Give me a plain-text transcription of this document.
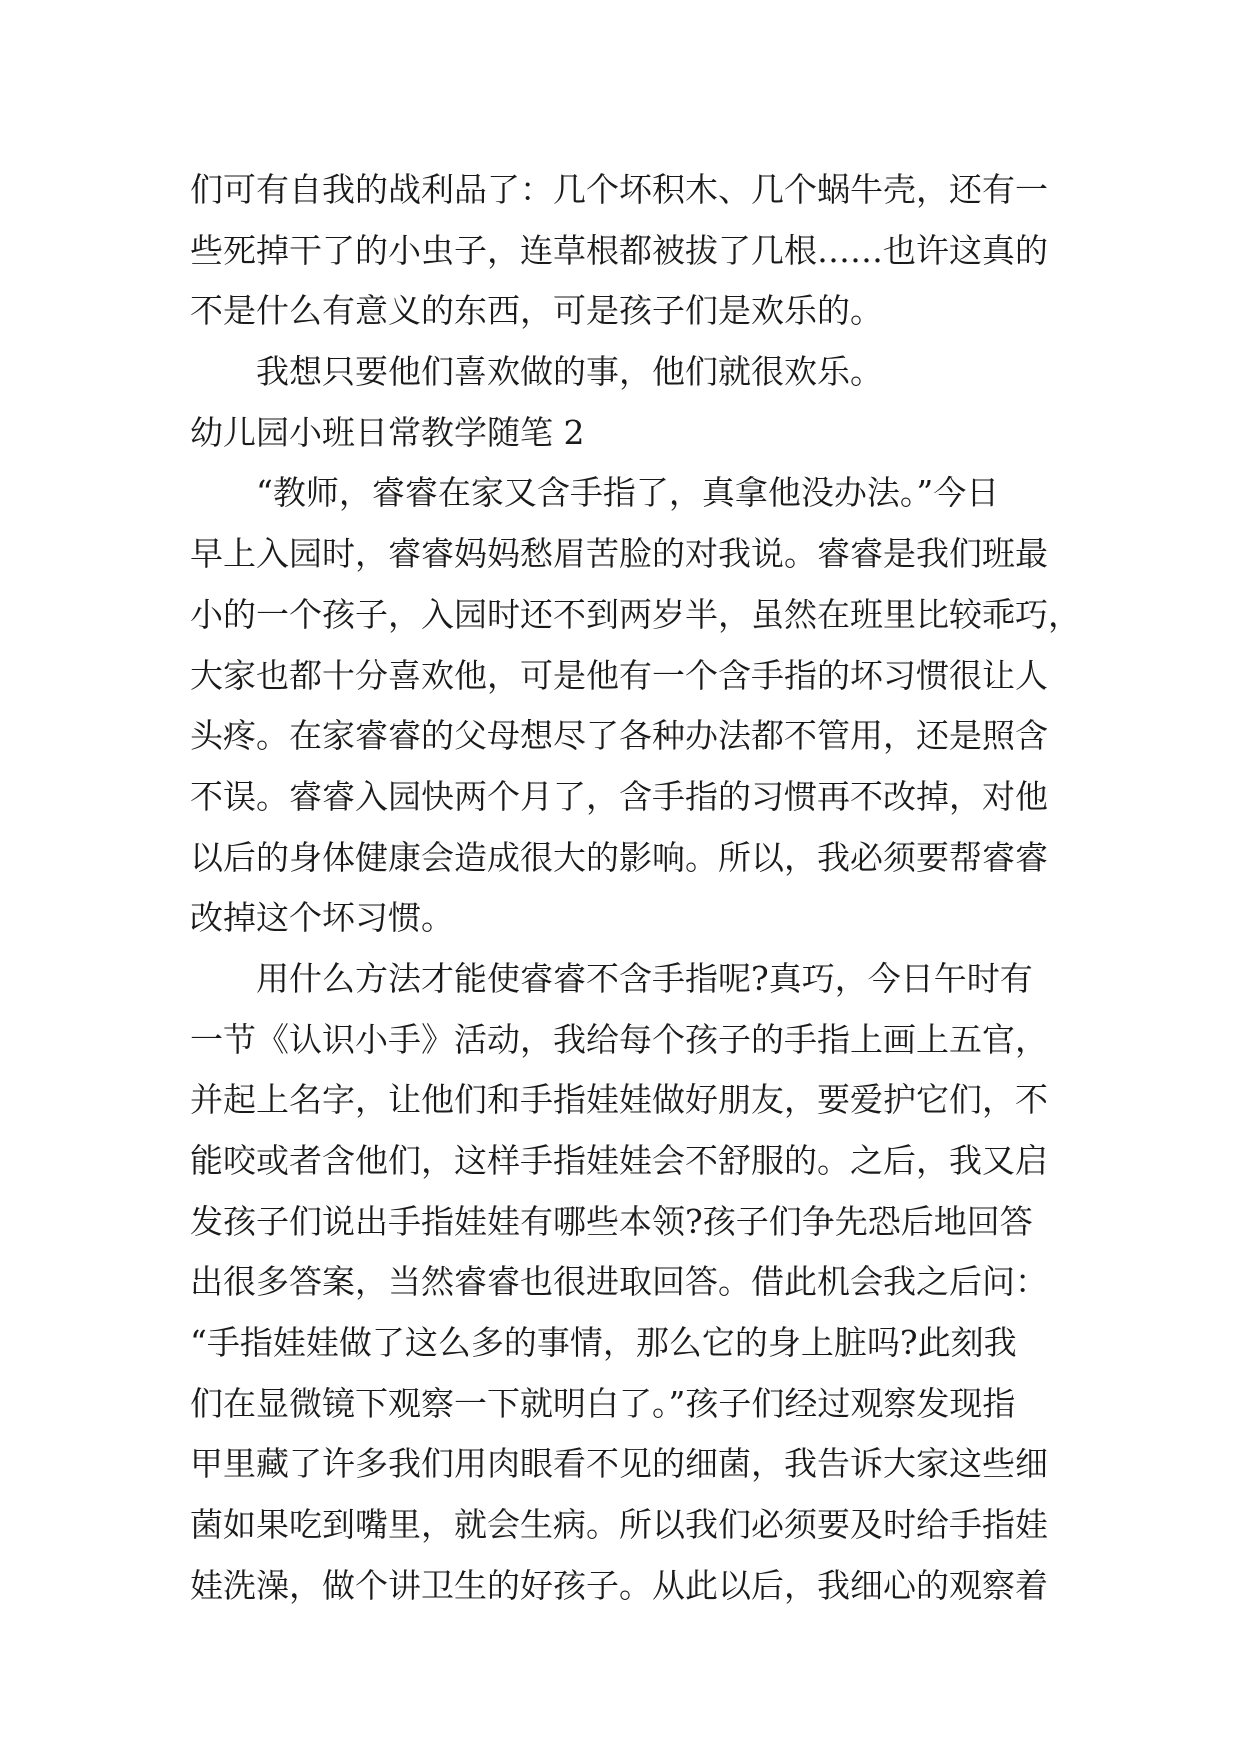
们可有自我的战利品了：几个坏积木、几个蜗牛壳，还有一
些死掉干了的小虫子，连草根都被拔了几根……也许这真的
不是什么有意义的东西，可是孩子们是欢乐的。
我想只要他们喜欢做的事，他们就很欢乐。
幼儿园小班日常教学随笔 2
“教师，睿睿在家又含手指了，真拿他没办法。”今日
早上入园时，睿睿妈妈愁眉苦脸的对我说。睿睿是我们班最
小的一个孩子，入园时还不到两岁半，虽然在班里比较乖巧，
大家也都十分喜欢他，可是他有一个含手指的坏习惯很让人
头疼。在家睿睿的父母想尽了各种办法都不管用，还是照含
不误。睿睿入园快两个月了，含手指的习惯再不改掉，对他
以后的身体健康会造成很大的影响。所以，我必须要帮睿睿
改掉这个坏习惯。
用什么方法才能使睿睿不含手指呢?真巧，今日午时有
一节《认识小手》活动，我给每个孩子的手指上画上五官，
并起上名字，让他们和手指娃娃做好朋友，要爱护它们，不
能咬或者含他们，这样手指娃娃会不舒服的。之后，我又启
发孩子们说出手指娃娃有哪些本领?孩子们争先恐后地回答
出很多答案，当然睿睿也很进取回答。借此机会我之后问：
“手指娃娃做了这么多的事情，那么它的身上脏吗?此刻我
们在显微镜下观察一下就明白了。”孩子们经过观察发现指
甲里藏了许多我们用肉眼看不见的细菌，我告诉大家这些细
菌如果吃到嘴里，就会生病。所以我们必须要及时给手指娃
娃洗澡，做个讲卫生的好孩子。从此以后，我细心的观察着
